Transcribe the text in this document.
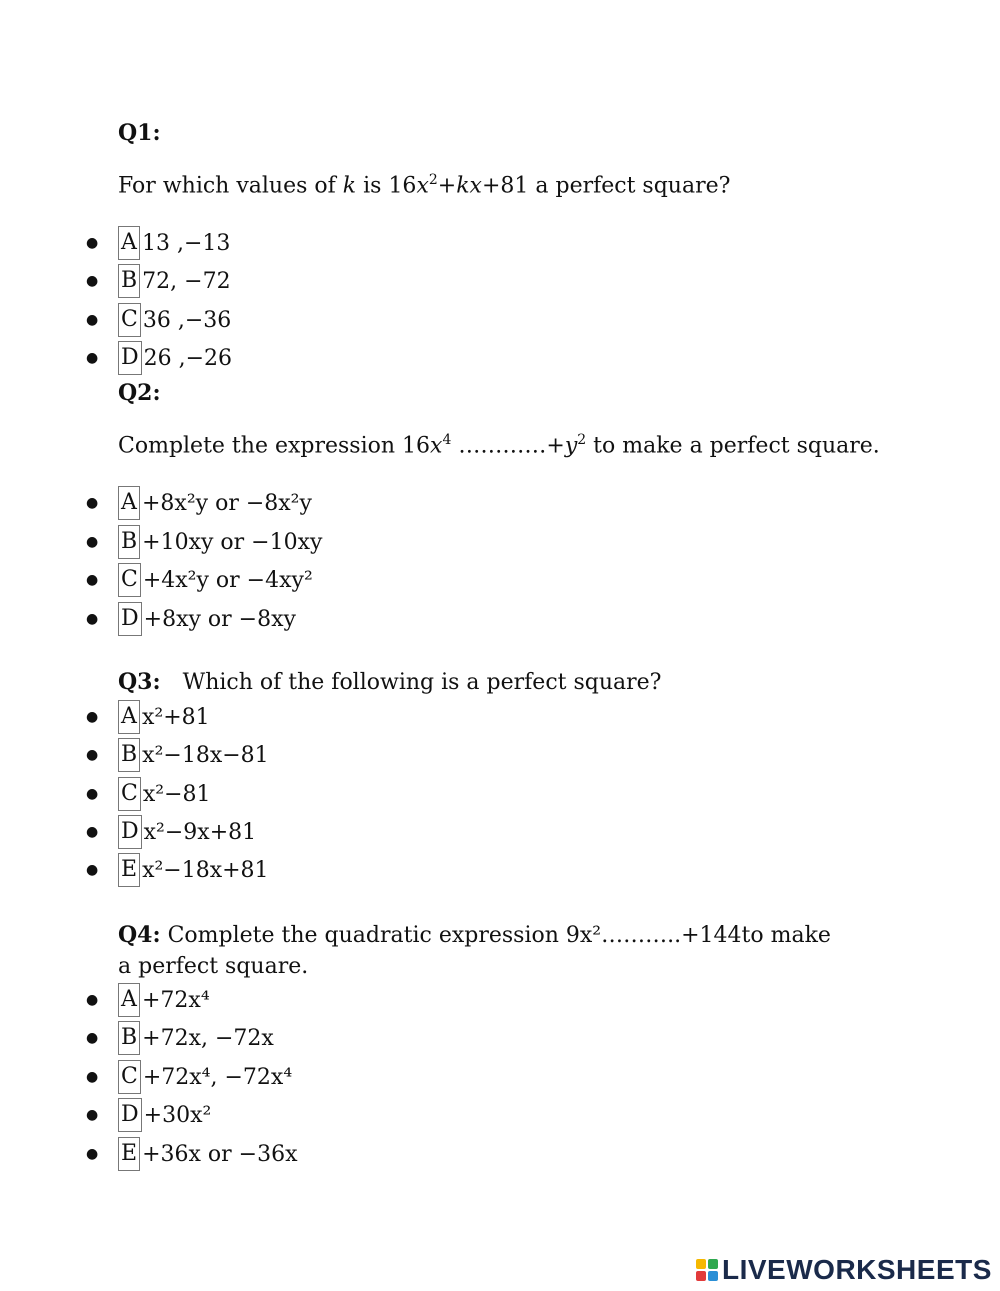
Q1:
For which values of k is $16x^2+kx+81$ a perfect square?
●	A 13 ,−13
●	B 72, −72
●	C 36 ,−36
●	D 26 ,−26
Q2:
Complete the expression $16x^4$ $\dots\dots\dots\dots+y^2$ to make a perfect square.
●	A +8x²y or −8x²y
●	B +10xy or −10xy
●	C +4x²y or −4xy²
●	D +8xy or −8xy
Q3: Which of the following is a perfect square?
●	A x²+81
●	B x²−18x−81
●	C x²−81
●	D x²−9x+81
●	E x²−18x+81
Q4: Complete the quadratic expression 9x²………..+144to make a perfect square.
●	A +72x⁴
●	B +72x, −72x
●	C +72x⁴, −72x⁴
●	D +30x²
●	E +36x or −36x
LIVEWORKSHEETS
